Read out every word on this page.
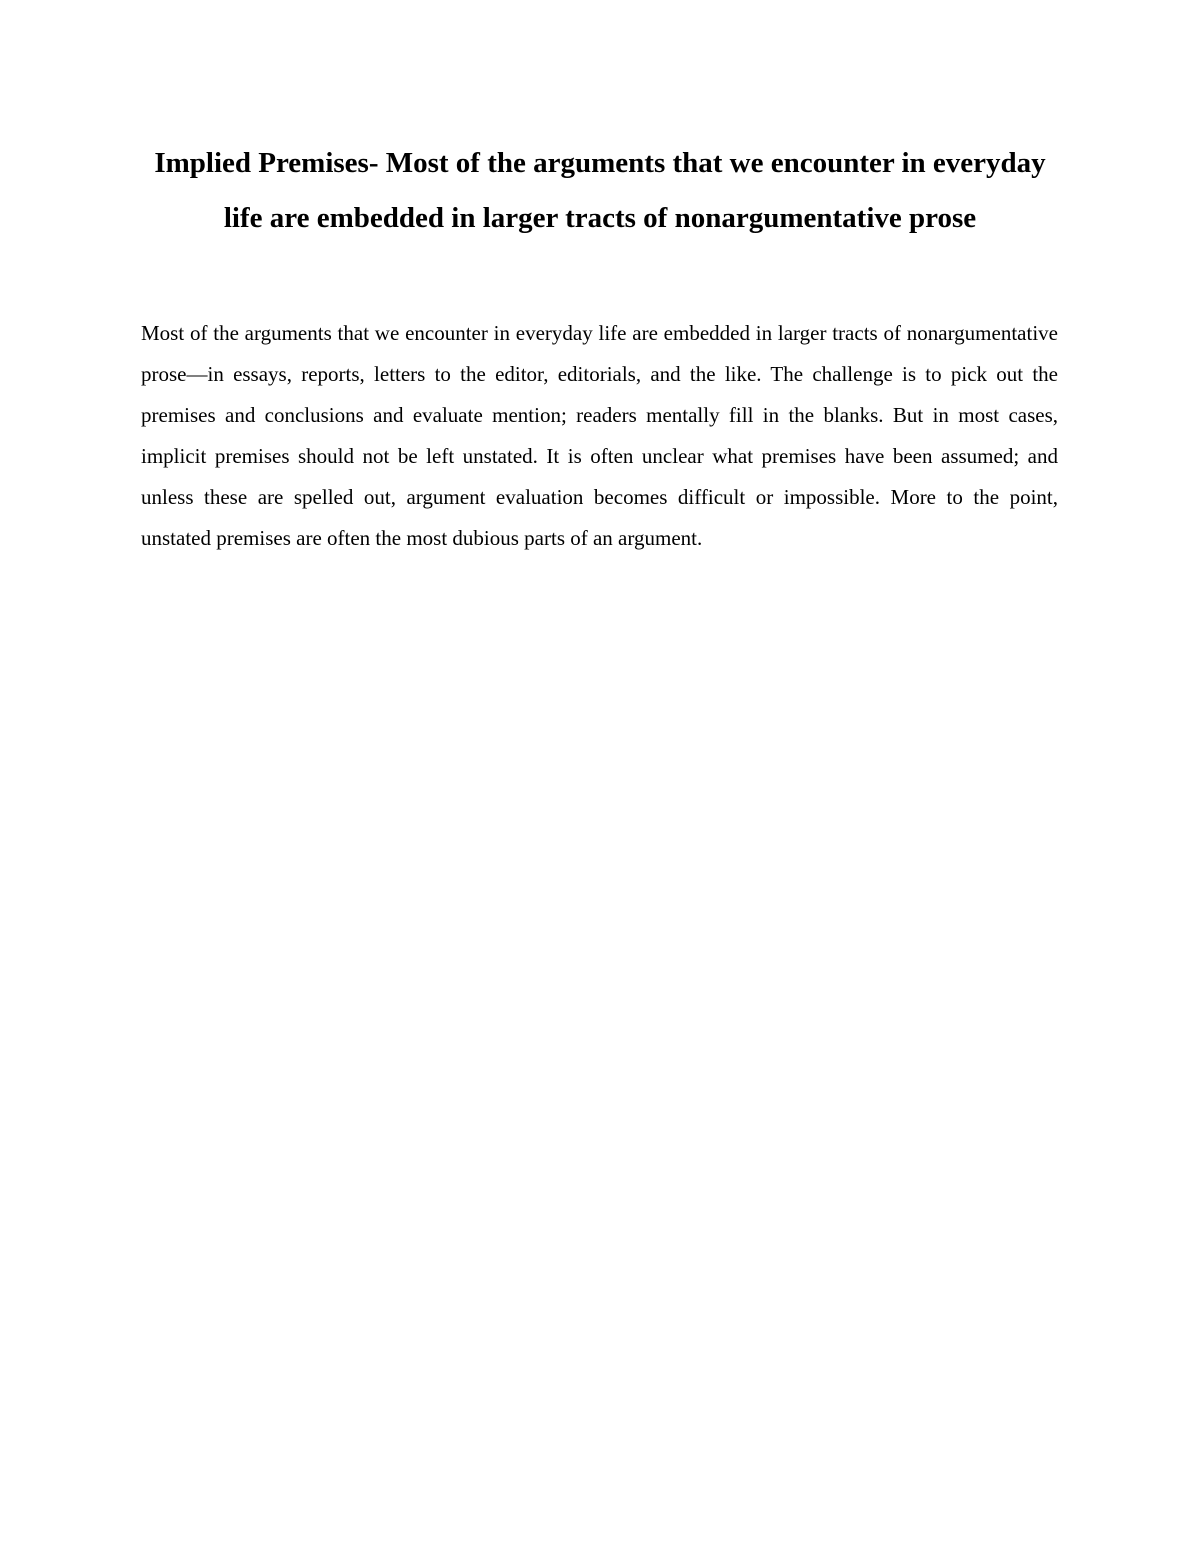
Implied Premises- Most of the arguments that we encounter in everyday life are embedded in larger tracts of nonargumentative prose

Most of the arguments that we encounter in everyday life are embedded in larger tracts of nonargumentative prose—in essays, reports, letters to the editor, editorials, and the like. The challenge is to pick out the premises and conclusions and evaluate mention; readers mentally fill in the blanks. But in most cases, implicit premises should not be left unstated. It is often unclear what premises have been assumed; and unless these are spelled out, argument evaluation becomes difficult or impossible. More to the point, unstated premises are often the most dubious parts of an argument.
